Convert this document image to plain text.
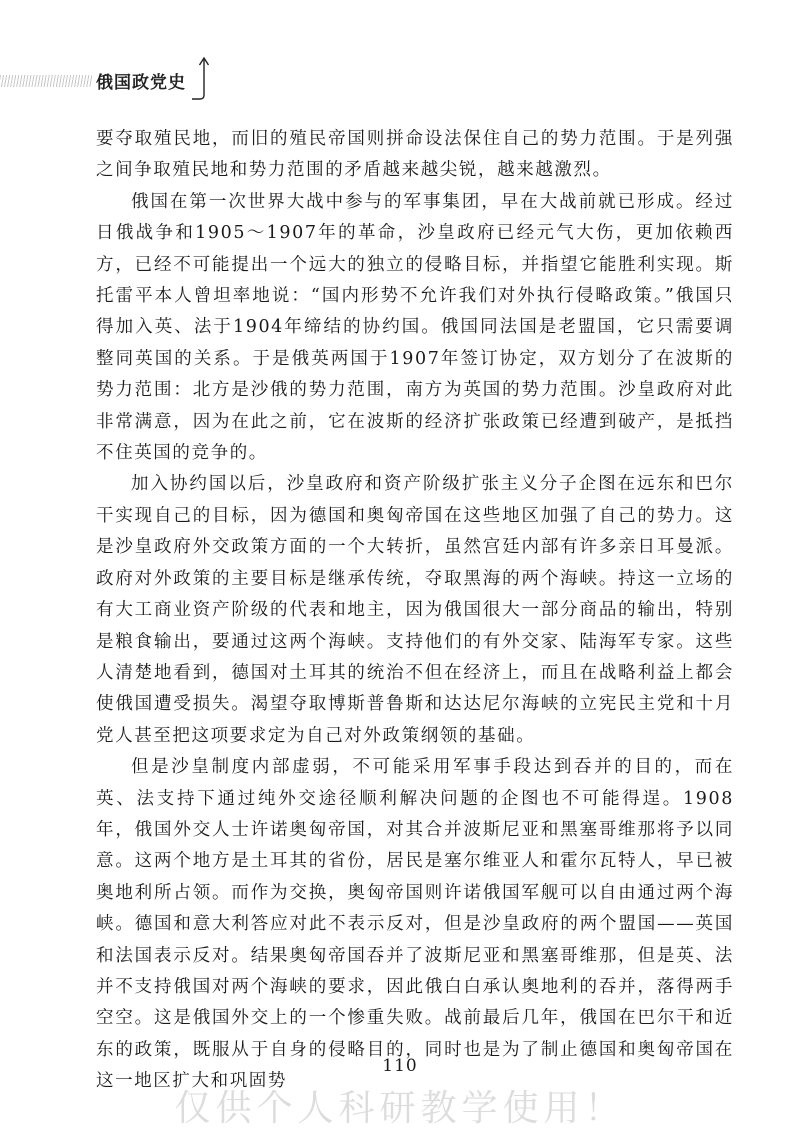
俄国政党史

要夺取殖民地，而旧的殖民帝国则拼命设法保住自己的势力范围。于是列强之间争取殖民地和势力范围的矛盾越来越尖锐，越来越激烈。

俄国在第一次世界大战中参与的军事集团，早在大战前就已形成。经过日俄战争和1905～1907年的革命，沙皇政府已经元气大伤，更加依赖西方，已经不可能提出一个远大的独立的侵略目标，并指望它能胜利实现。斯托雷平本人曾坦率地说：“国内形势不允许我们对外执行侵略政策。”俄国只得加入英、法于1904年缔结的协约国。俄国同法国是老盟国，它只需要调整同英国的关系。于是俄英两国于1907年签订协定，双方划分了在波斯的势力范围：北方是沙俄的势力范围，南方为英国的势力范围。沙皇政府对此非常满意，因为在此之前，它在波斯的经济扩张政策已经遭到破产，是抵挡不住英国的竞争的。

加入协约国以后，沙皇政府和资产阶级扩张主义分子企图在远东和巴尔干实现自己的目标，因为德国和奥匈帝国在这些地区加强了自己的势力。这是沙皇政府外交政策方面的一个大转折，虽然宫廷内部有许多亲日耳曼派。政府对外政策的主要目标是继承传统，夺取黑海的两个海峡。持这一立场的有大工商业资产阶级的代表和地主，因为俄国很大一部分商品的输出，特别是粮食输出，要通过这两个海峡。支持他们的有外交家、陆海军专家。这些人清楚地看到，德国对土耳其的统治不但在经济上，而且在战略利益上都会使俄国遭受损失。渴望夺取博斯普鲁斯和达达尼尔海峡的立宪民主党和十月党人甚至把这项要求定为自己对外政策纲领的基础。

但是沙皇制度内部虚弱，不可能采用军事手段达到吞并的目的，而在英、法支持下通过纯外交途径顺利解决问题的企图也不可能得逞。1908年，俄国外交人士许诺奥匈帝国，对其合并波斯尼亚和黑塞哥维那将予以同意。这两个地方是土耳其的省份，居民是塞尔维亚人和霍尔瓦特人，早已被奥地利所占领。而作为交换，奥匈帝国则许诺俄国军舰可以自由通过两个海峡。德国和意大利答应对此不表示反对，但是沙皇政府的两个盟国——英国和法国表示反对。结果奥匈帝国吞并了波斯尼亚和黑塞哥维那，但是英、法并不支持俄国对两个海峡的要求，因此俄白白承认奥地利的吞并，落得两手空空。这是俄国外交上的一个惨重失败。战前最后几年，俄国在巴尔干和近东的政策，既服从于自身的侵略目的，同时也是为了制止德国和奥匈帝国在这一地区扩大和巩固势

110
仅供个人科研教学使用！
